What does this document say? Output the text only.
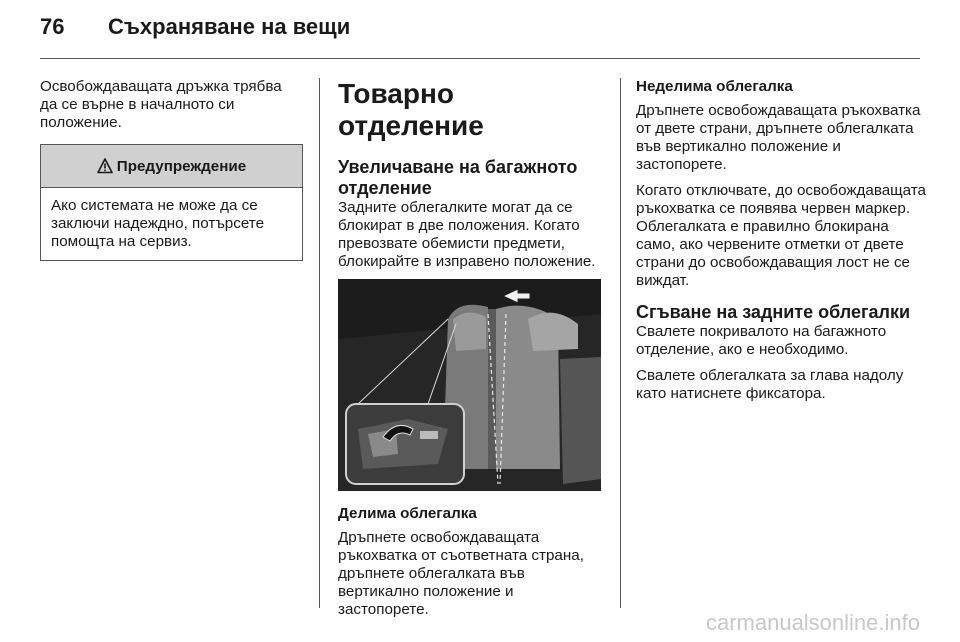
76	Съхраняване на вещи

Освобождаващата дръжка трябва да се върне в началното си положение.

Предупреждение
Ако системата не може да се заключи надеждно, потърсете помощта на сервиз.
Товарно отделение
Увеличаване на багажното отделение

Задните облегалките могат да се блокират в две положения. Когато превозвате обемисти предмети, блокирайте в изправено положение.

Делима облегалка

Дръпнете освобождаващата ръкохватка от съответната страна, дръпнете облегалката във вертикално положение и застопорете.

Неделима облегалка

Дръпнете освобождаващата ръкохватка от двете страни, дръпнете облегалката във вертикално положение и застопорете.

Когато отключвате, до освобождаващата ръкохватка се появява червен маркер. Облегалката е правилно блокирана само, ако червените отметки от двете страни до освобождаващия лост не се виждат.

Сгъване на задните облегалки

Свалете покривалото на багажното отделение, ако е необходимо.

Свалете облегалката за глава надолу като натиснете фиксатора.

carmanualsonline.info
